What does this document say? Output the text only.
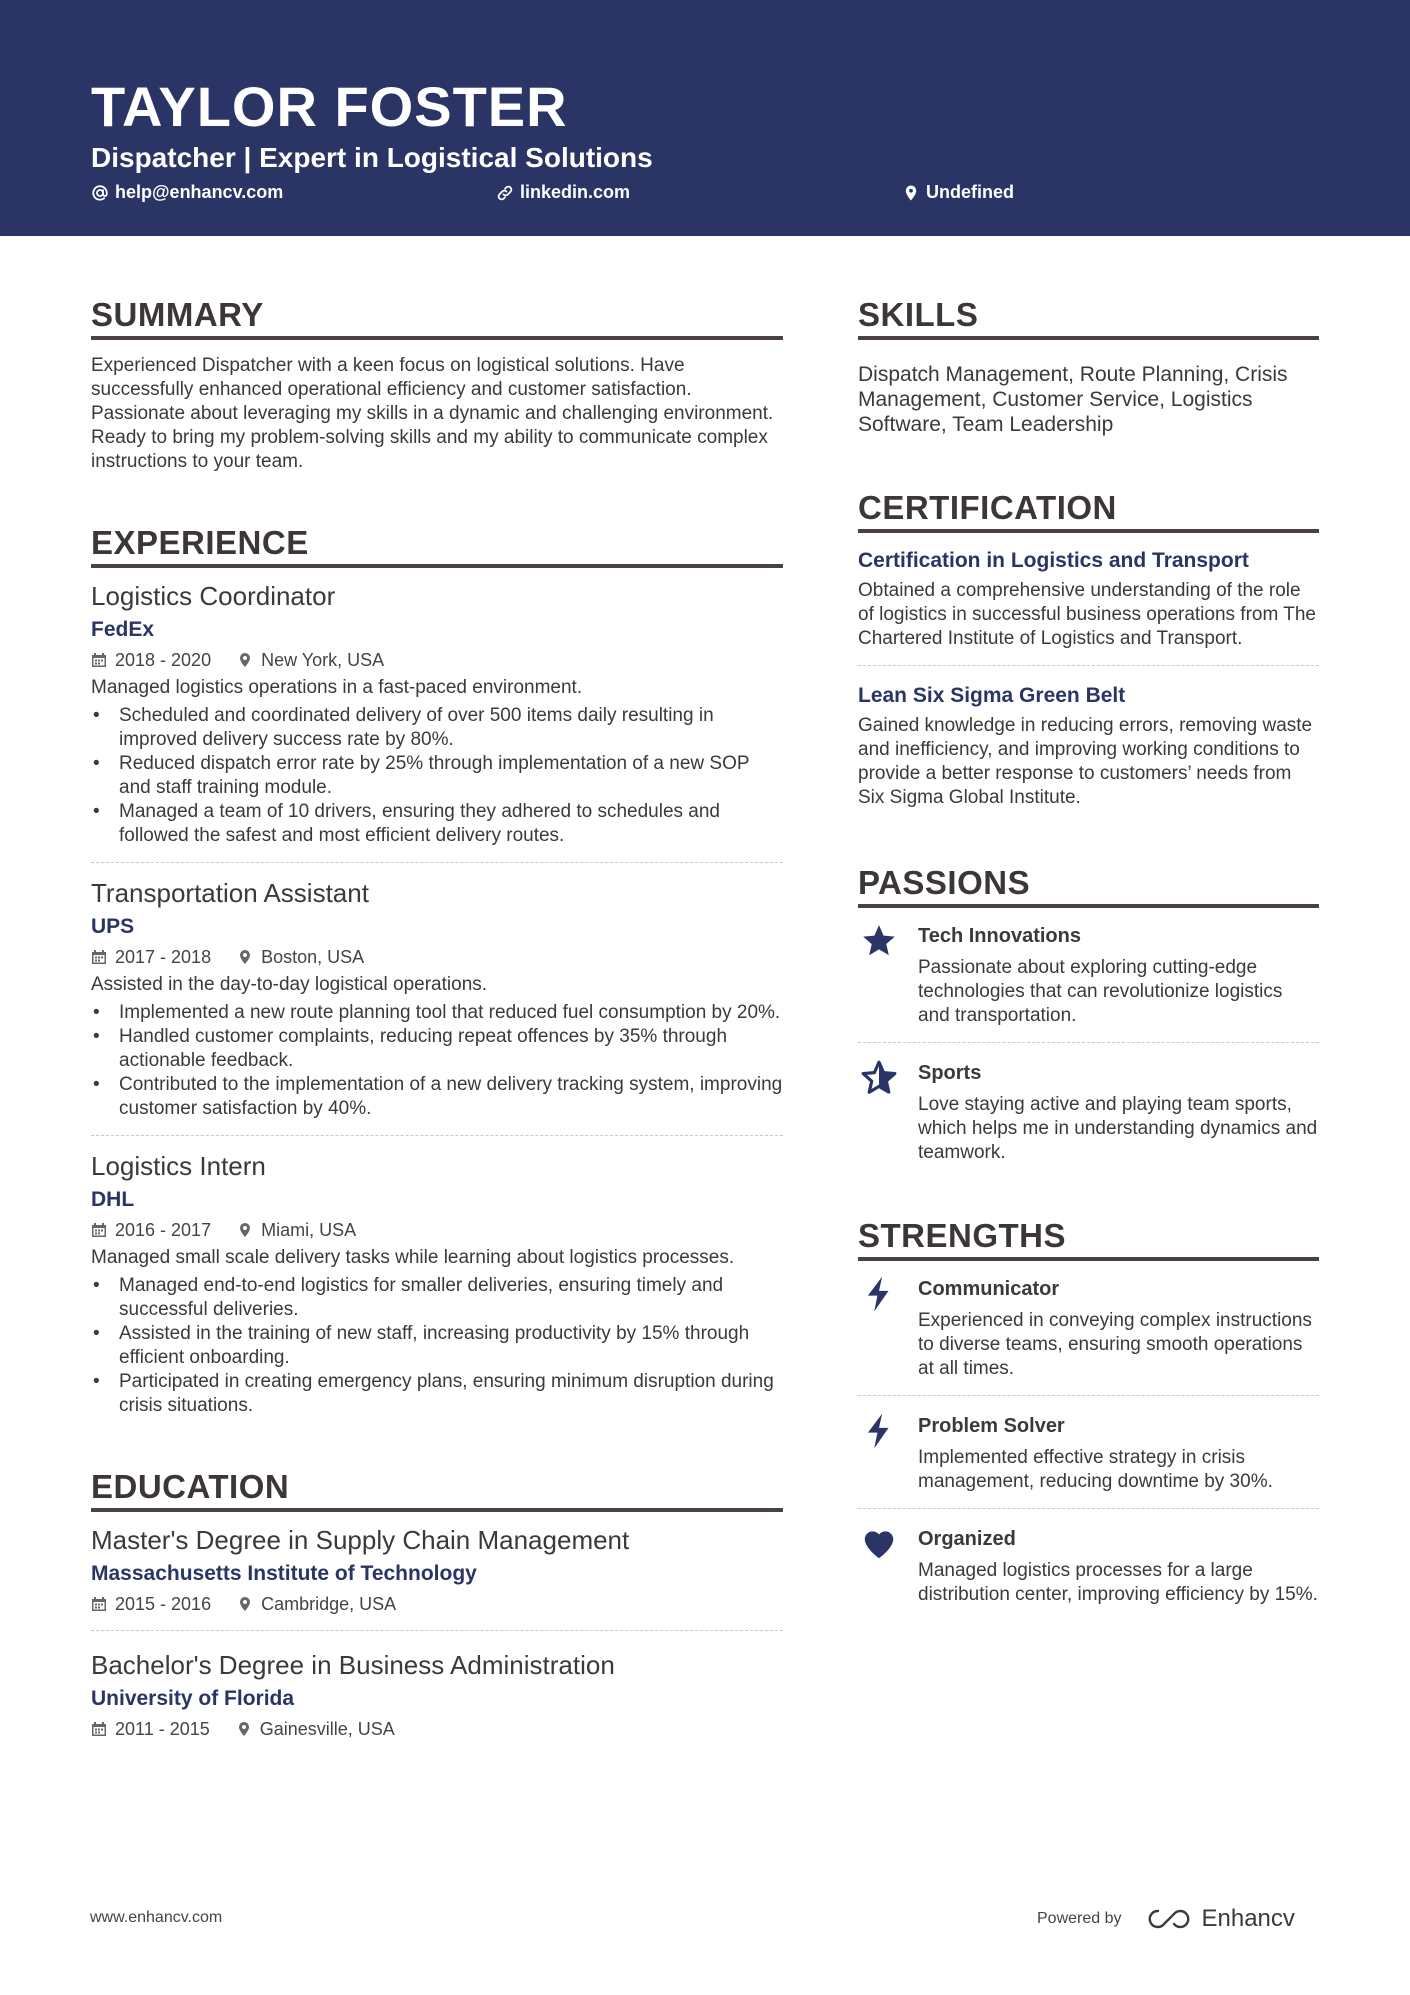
TAYLOR FOSTER
Dispatcher | Expert in Logistical Solutions
help@enhancv.com	linkedin.com	Undefined
SUMMARY
Experienced Dispatcher with a keen focus on logistical solutions. Have successfully enhanced operational efficiency and customer satisfaction. Passionate about leveraging my skills in a dynamic and challenging environment. Ready to bring my problem-solving skills and my ability to communicate complex instructions to your team.
EXPERIENCE
Logistics Coordinator
FedEx
2018 - 2020	New York, USA
Managed logistics operations in a fast-paced environment.
• Scheduled and coordinated delivery of over 500 items daily resulting in improved delivery success rate by 80%.
• Reduced dispatch error rate by 25% through implementation of a new SOP and staff training module.
• Managed a team of 10 drivers, ensuring they adhered to schedules and followed the safest and most efficient delivery routes.
Transportation Assistant
UPS
2017 - 2018	Boston, USA
Assisted in the day-to-day logistical operations.
• Implemented a new route planning tool that reduced fuel consumption by 20%.
• Handled customer complaints, reducing repeat offences by 35% through actionable feedback.
• Contributed to the implementation of a new delivery tracking system, improving customer satisfaction by 40%.
Logistics Intern
DHL
2016 - 2017	Miami, USA
Managed small scale delivery tasks while learning about logistics processes.
• Managed end-to-end logistics for smaller deliveries, ensuring timely and successful deliveries.
• Assisted in the training of new staff, increasing productivity by 15% through efficient onboarding.
• Participated in creating emergency plans, ensuring minimum disruption during crisis situations.
EDUCATION
Master's Degree in Supply Chain Management
Massachusetts Institute of Technology
2015 - 2016	Cambridge, USA
Bachelor's Degree in Business Administration
University of Florida
2011 - 2015	Gainesville, USA
SKILLS
Dispatch Management, Route Planning, Crisis Management, Customer Service, Logistics Software, Team Leadership
CERTIFICATION
Certification in Logistics and Transport
Obtained a comprehensive understanding of the role of logistics in successful business operations from The Chartered Institute of Logistics and Transport.
Lean Six Sigma Green Belt
Gained knowledge in reducing errors, removing waste and inefficiency, and improving working conditions to provide a better response to customers’ needs from Six Sigma Global Institute.
PASSIONS
Tech Innovations
Passionate about exploring cutting-edge technologies that can revolutionize logistics and transportation.
Sports
Love staying active and playing team sports, which helps me in understanding dynamics and teamwork.
STRENGTHS
Communicator
Experienced in conveying complex instructions to diverse teams, ensuring smooth operations at all times.
Problem Solver
Implemented effective strategy in crisis management, reducing downtime by 30%.
Organized
Managed logistics processes for a large distribution center, improving efficiency by 15%.
www.enhancv.com	Powered by	Enhancv
